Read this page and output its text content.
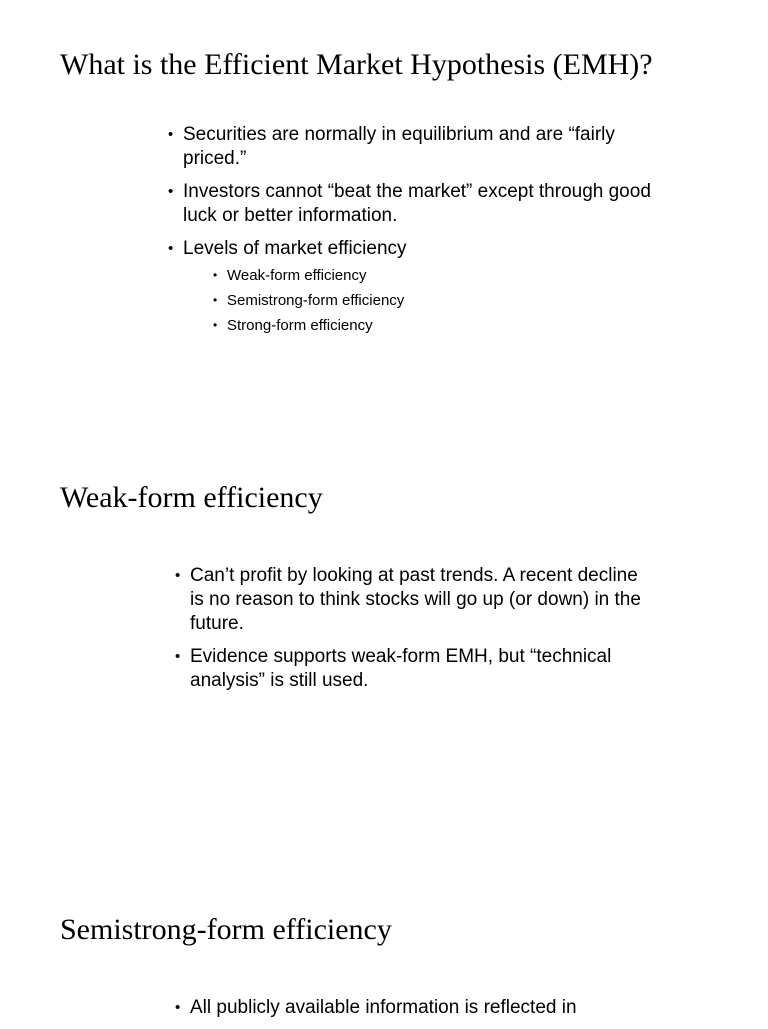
What is the Efficient Market Hypothesis (EMH)?
• Securities are normally in equilibrium and are “fairly priced.”
• Investors cannot “beat the market” except through good luck or better information.
• Levels of market efficiency
• Weak-form efficiency
• Semistrong-form efficiency
• Strong-form efficiency
Weak-form efficiency
• Can’t profit by looking at past trends. A recent decline is no reason to think stocks will go up (or down) in the future.
• Evidence supports weak-form EMH, but “technical analysis” is still used.
Semistrong-form efficiency
• All publicly available information is reflected in
